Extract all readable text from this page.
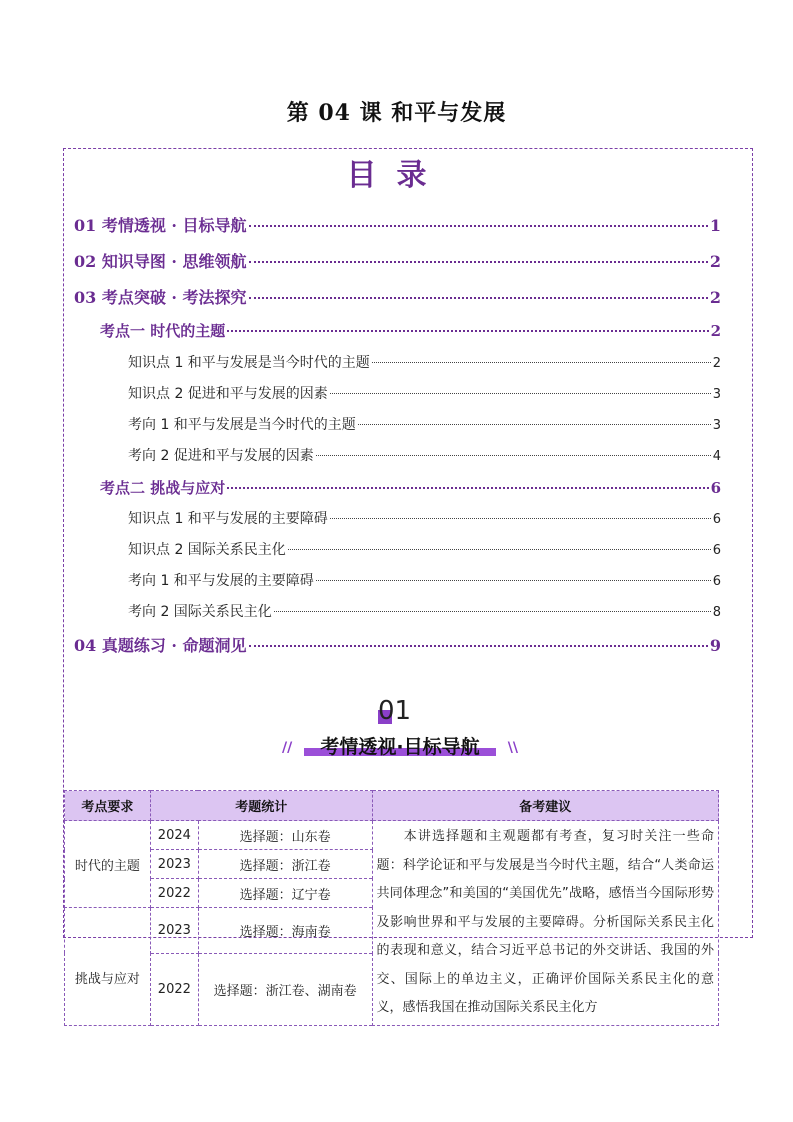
第 04 课 和平与发展
目录
01 考情透视 · 目标导航	1
02 知识导图 · 思维领航	2
03 考点突破 · 考法探究	2
考点一 时代的主题	2
知识点 1 和平与发展是当今时代的主题	2
知识点 2 促进和平与发展的因素	3
考向 1 和平与发展是当今时代的主题	3
考向 2 促进和平与发展的因素	4
考点二 挑战与应对	6
知识点 1 和平与发展的主要障碍	6
知识点 2 国际关系民主化	6
考向 1 和平与发展的主要障碍	6
考向 2 国际关系民主化	8
04 真题练习 · 命题洞见	9
01
//	考情透视·目标导航	\\
考点要求	考题统计		备考建议
时代的主题	2024	选择题：山东卷	本讲选择题和主观题都有考查，复习时关注一些命题：科学论证和平与发展是当今时代主题，结合“人类命运共同体理念”和美国的“美国优先”战略，感悟当今国际形势及影响世界和平与发展的主要障碍。分析国际关系民主化的表现和意义，结合习近平总书记的外交讲话、我国的外交、国际上的单边主义，正确评价国际关系民主化的意义，感悟我国在推动国际关系民主化方
	2023	选择题：浙江卷	
	2022	选择题：辽宁卷	
挑战与应对	2023	选择题：海南卷	
	2022	选择题：浙江卷、湖南卷	
